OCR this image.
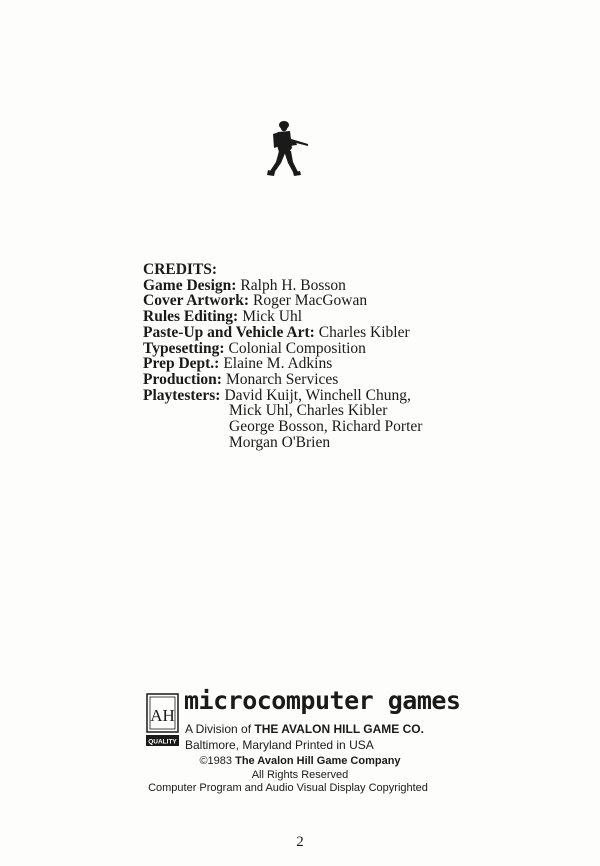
CREDITS:
Game Design: Ralph H. Bosson
Cover Artwork: Roger MacGowan
Rules Editing: Mick Uhl
Paste-Up and Vehicle Art: Charles Kibler
Typesetting: Colonial Composition
Prep Dept.: Elaine M. Adkins
Production: Monarch Services
Playtesters: David Kuijt, Winchell Chung,
Mick Uhl, Charles Kibler
George Bosson, Richard Porter
Morgan O'Brien
AH
QUALITY
microcomputer games
A Division of THE AVALON HILL GAME CO.
Baltimore, Maryland Printed in USA
©1983 The Avalon Hill Game Company
All Rights Reserved
Computer Program and Audio Visual Display Copyrighted
2
